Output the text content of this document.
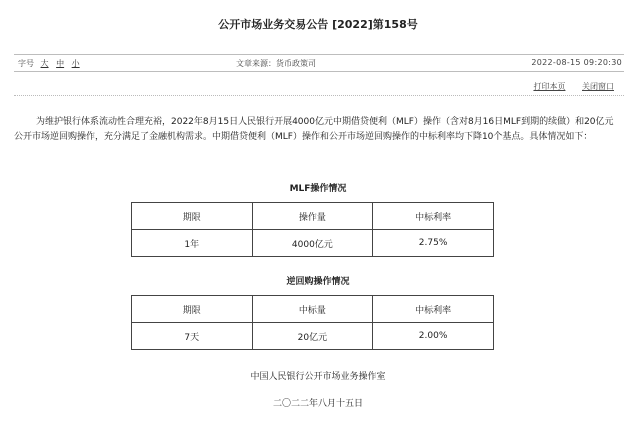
公开市场业务交易公告 [2022]第158号
字号 大 中 小	文章来源：货币政策司	2022-08-15 09:20:30
打印本页 关闭窗口
为维护银行体系流动性合理充裕，2022年8月15日人民银行开展4000亿元中期借贷便利（MLF）操作（含对8月16日MLF到期的续做）和20亿元公开市场逆回购操作，充分满足了金融机构需求。中期借贷便利（MLF）操作和公开市场逆回购操作的中标利率均下降10个基点。具体情况如下：
MLF操作情况
期限	操作量	中标利率
1年	4000亿元	2.75%
逆回购操作情况
期限	中标量	中标利率
7天	20亿元	2.00%
中国人民银行公开市场业务操作室
二〇二二年八月十五日
